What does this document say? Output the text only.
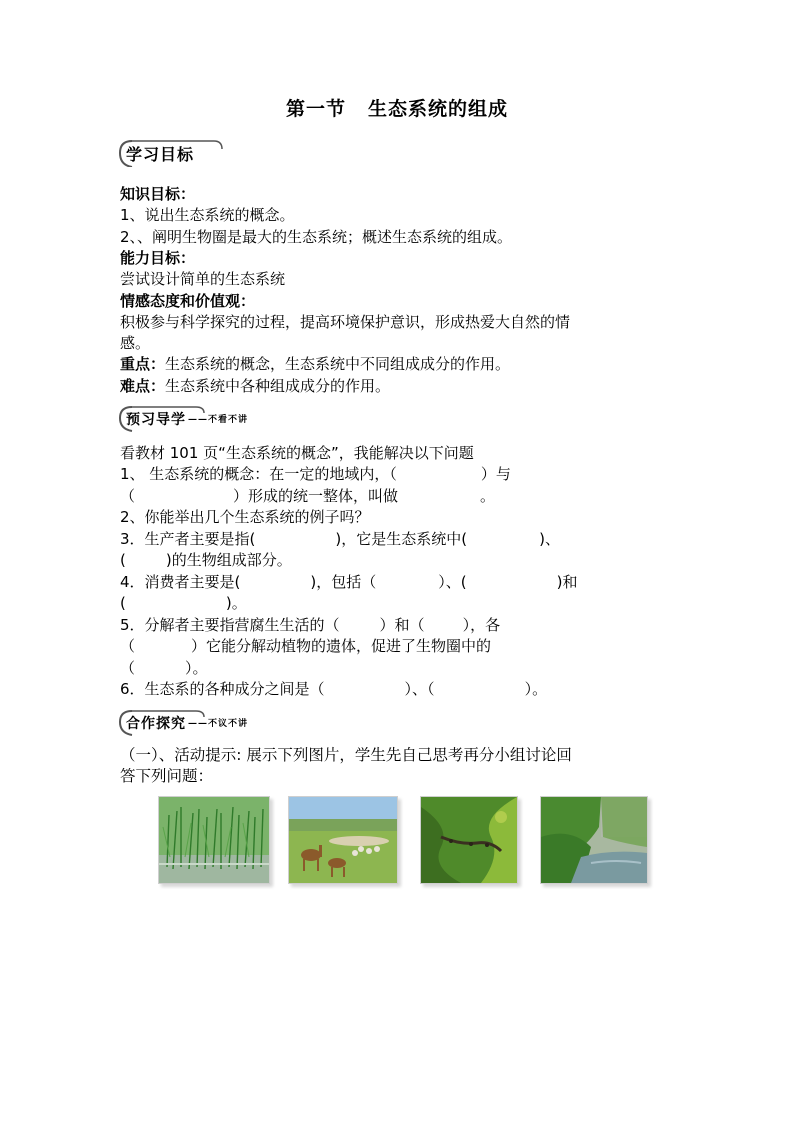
第一节 生态系统的组成
学习目标
知识目标：
1、说出生态系统的概念。
2、、阐明生物圈是最大的生态系统；概述生态系统的组成。
能力目标：
尝试设计简单的生态系统
情感态度和价值观：
积极参与科学探究的过程，提高环境保护意识，形成热爱大自然的情
感。
重点：生态系统的概念，生态系统中不同组成成分的作用。
难点：生态系统中各种组成成分的作用。
预习导学 ——不看不讲
看教材 101 页“生态系统的概念”，我能解决以下问题
1、 生态系统的概念：在一定的地域内，（	）与
（	）形成的统一整体，叫做	。
2、你能举出几个生态系统的例子吗？
3．生产者主要是指(	)，它是生态系统中(	)、
(	)的生物组成部分。
4．消费者主要是(	)，包括（	）、(	)和
(	)。
5．分解者主要指营腐生生活的（	）和（	），各
（	）它能分解动植物的遗体，促进了生物圈中的
（	）。
6．生态系的各种成分之间是（	）、（	）。
合作探究 ——不议不讲
（一）、活动提示: 展示下列图片，学生先自己思考再分小组讨论回
答下列问题：
